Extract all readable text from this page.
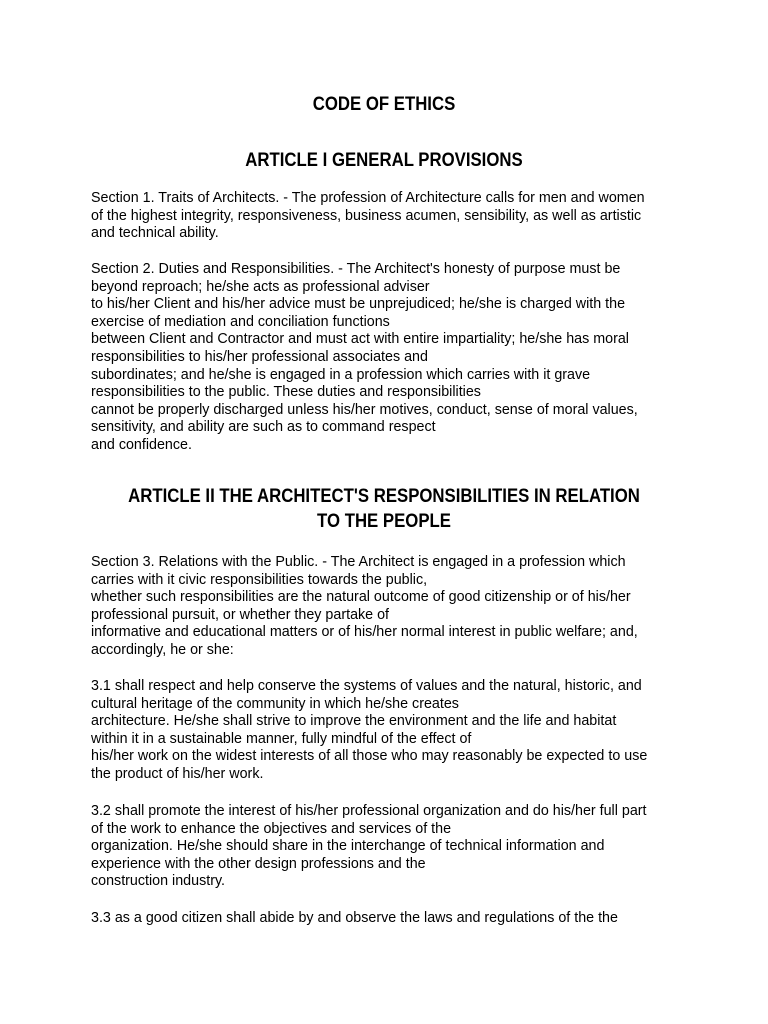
CODE OF ETHICS
ARTICLE I GENERAL PROVISIONS
Section 1. Traits of Architects. - The profession of Architecture calls for men and women
of the highest integrity, responsiveness, business acumen, sensibility, as well as artistic
and technical ability.
Section 2. Duties and Responsibilities. - The Architect's honesty of purpose must be
beyond reproach; he/she acts as professional adviser
to his/her Client and his/her advice must be unprejudiced; he/she is charged with the
exercise of mediation and conciliation functions
between Client and Contractor and must act with entire impartiality; he/she has moral
responsibilities to his/her professional associates and
subordinates; and he/she is engaged in a profession which carries with it grave
responsibilities to the public. These duties and responsibilities
cannot be properly discharged unless his/her motives, conduct, sense of moral values,
sensitivity, and ability are such as to command respect
and confidence.
ARTICLE II THE ARCHITECT'S RESPONSIBILITIES IN RELATION
TO THE PEOPLE
Section 3. Relations with the Public. - The Architect is engaged in a profession which
carries with it civic responsibilities towards the public,
whether such responsibilities are the natural outcome of good citizenship or of his/her
professional pursuit, or whether they partake of
informative and educational matters or of his/her normal interest in public welfare; and,
accordingly, he or she:
3.1 shall respect and help conserve the systems of values and the natural, historic, and
cultural heritage of the community in which he/she creates
architecture. He/she shall strive to improve the environment and the life and habitat
within it in a sustainable manner, fully mindful of the effect of
his/her work on the widest interests of all those who may reasonably be expected to use
the product of his/her work.
3.2 shall promote the interest of his/her professional organization and do his/her full part
of the work to enhance the objectives and services of the
organization. He/she should share in the interchange of technical information and
experience with the other design professions and the
construction industry.
3.3 as a good citizen shall abide by and observe the laws and regulations of the the
